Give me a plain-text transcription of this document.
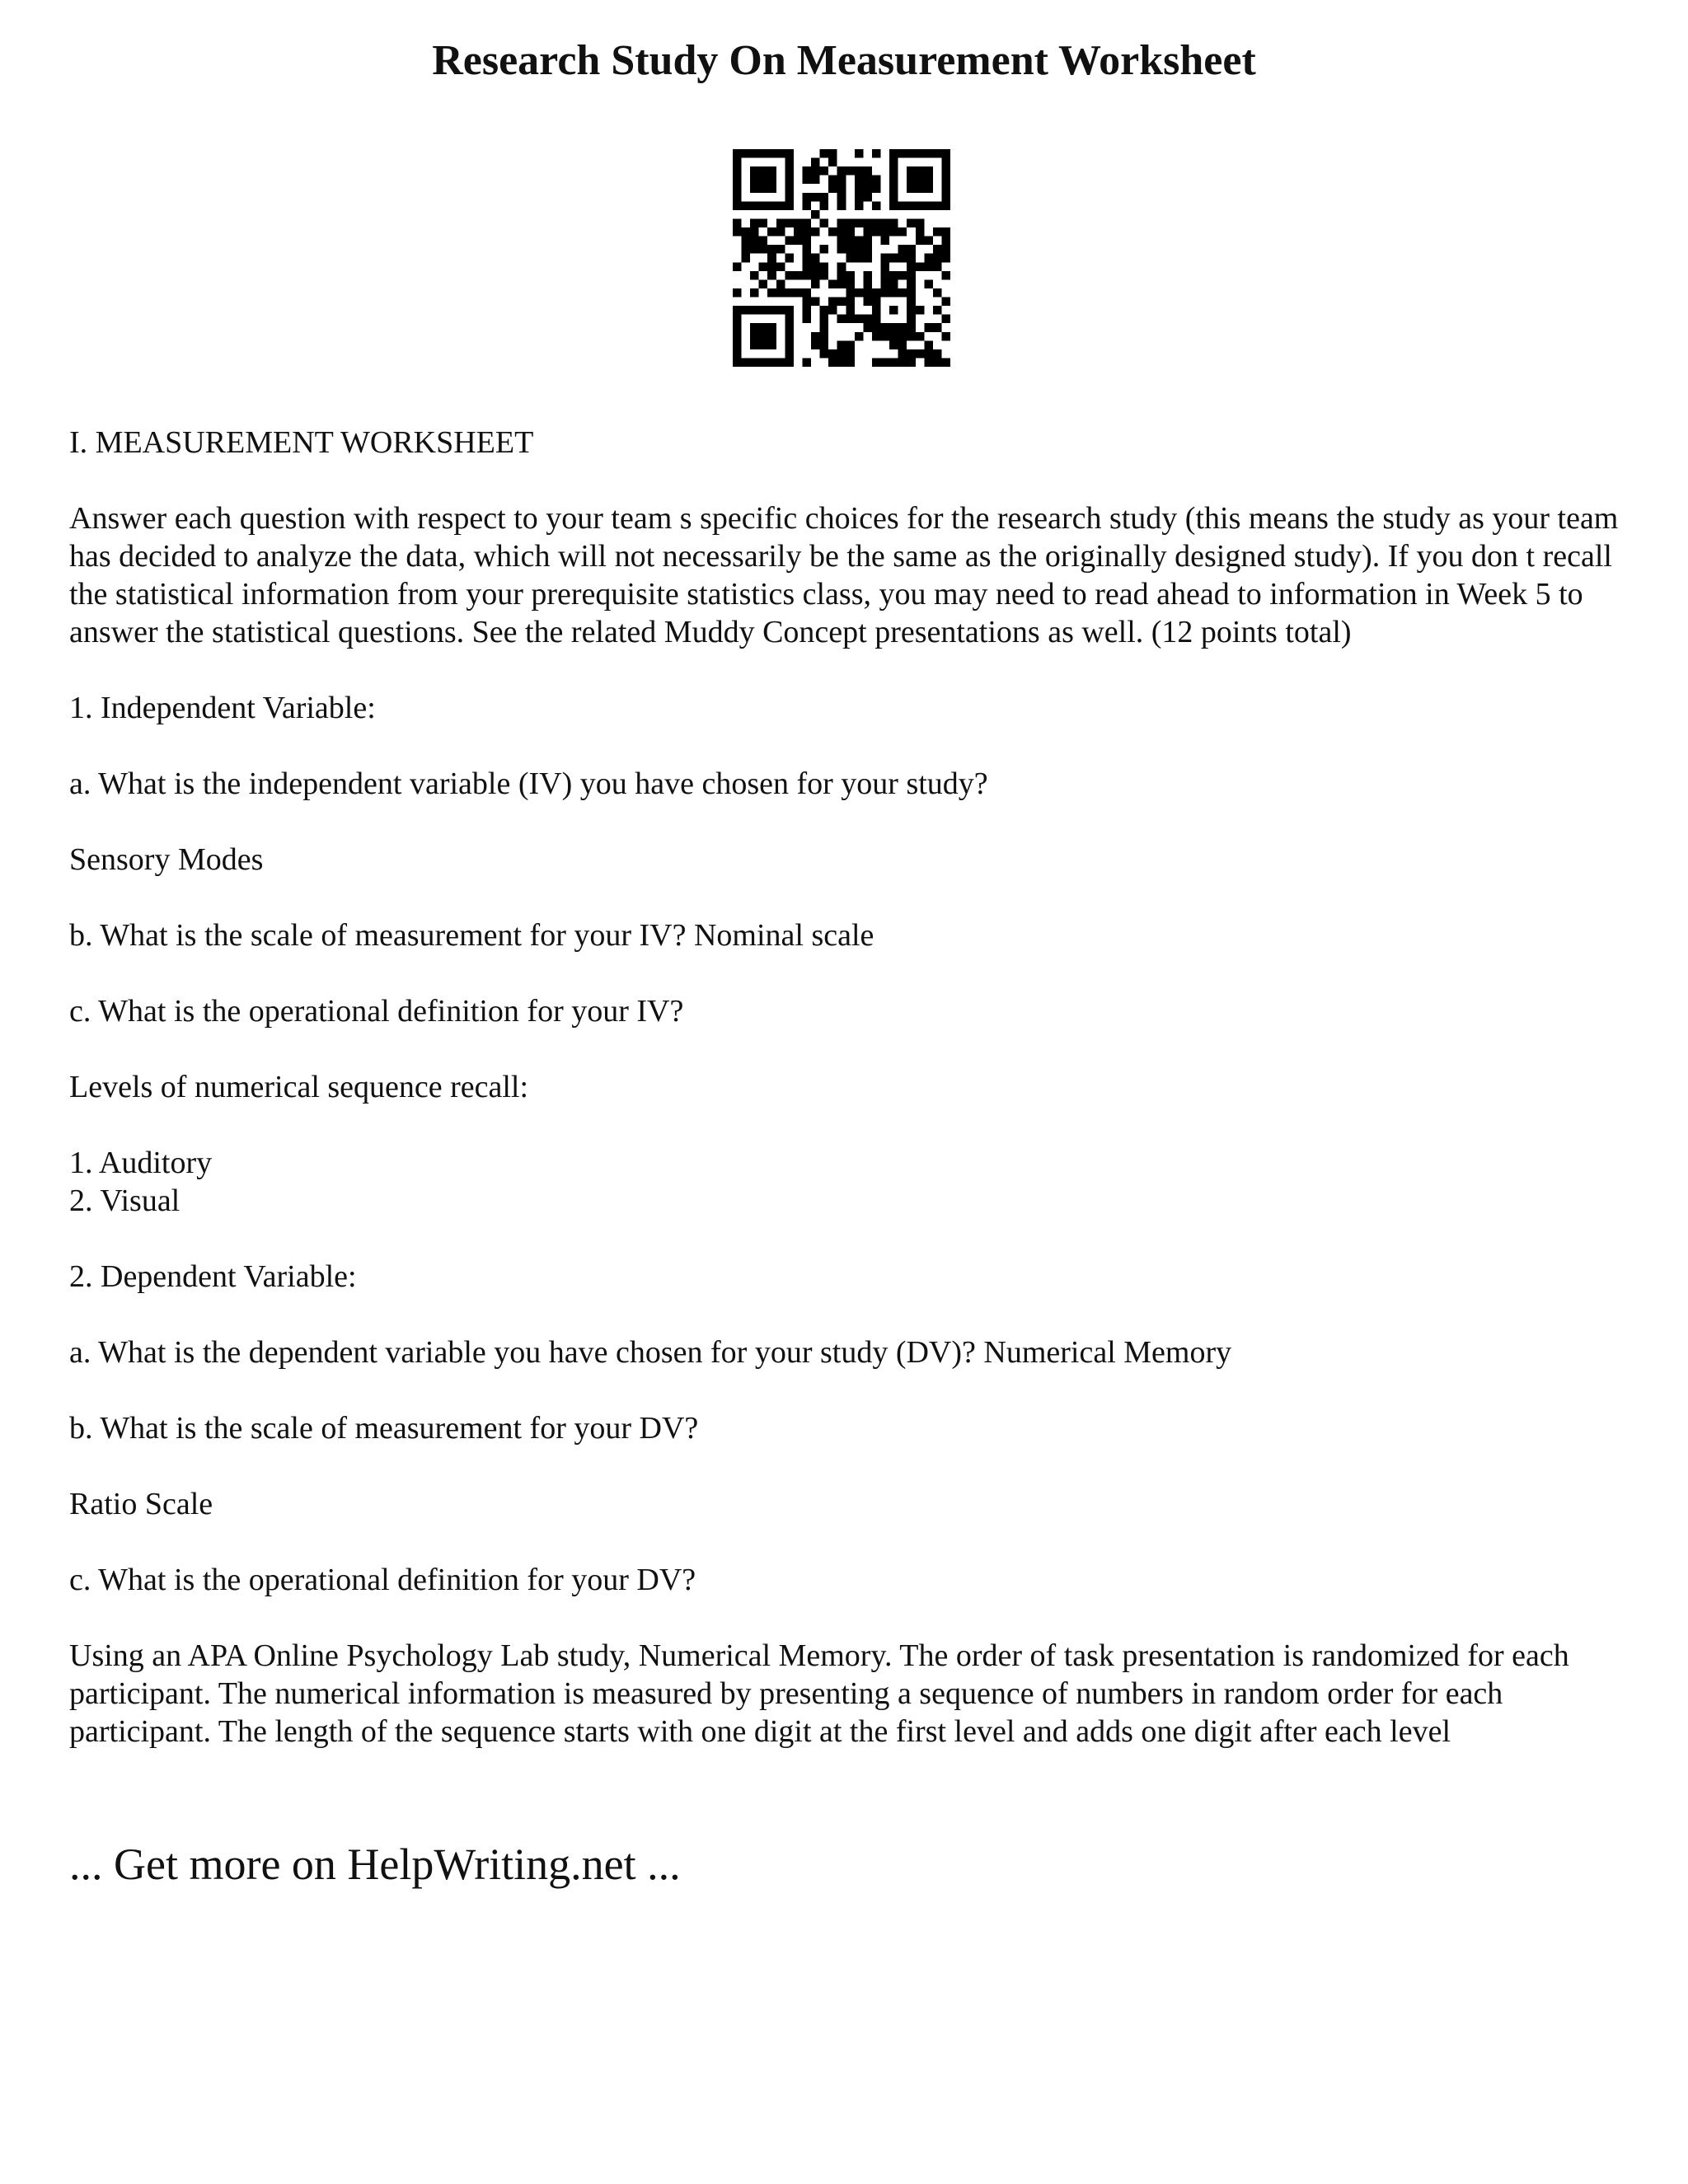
Research Study On Measurement Worksheet

I. MEASUREMENT WORKSHEET

Answer each question with respect to your team s specific choices for the research study (this means the study as your team has decided to analyze the data, which will not necessarily be the same as the originally designed study). If you don t recall the statistical information from your prerequisite statistics class, you may need to read ahead to information in Week 5 to answer the statistical questions. See the related Muddy Concept presentations as well. (12 points total)

1. Independent Variable:

a. What is the independent variable (IV) you have chosen for your study?

Sensory Modes

b. What is the scale of measurement for your IV? Nominal scale

c. What is the operational definition for your IV?

Levels of numerical sequence recall:

1. Auditory

2. Visual

2. Dependent Variable:

a. What is the dependent variable you have chosen for your study (DV)? Numerical Memory

b. What is the scale of measurement for your DV?

Ratio Scale

c. What is the operational definition for your DV?

Using an APA Online Psychology Lab study, Numerical Memory. The order of task presentation is randomized for each participant. The numerical information is measured by presenting a sequence of numbers in random order for each participant. The length of the sequence starts with one digit at the first level and adds one digit after each level

... Get more on HelpWriting.net ...
